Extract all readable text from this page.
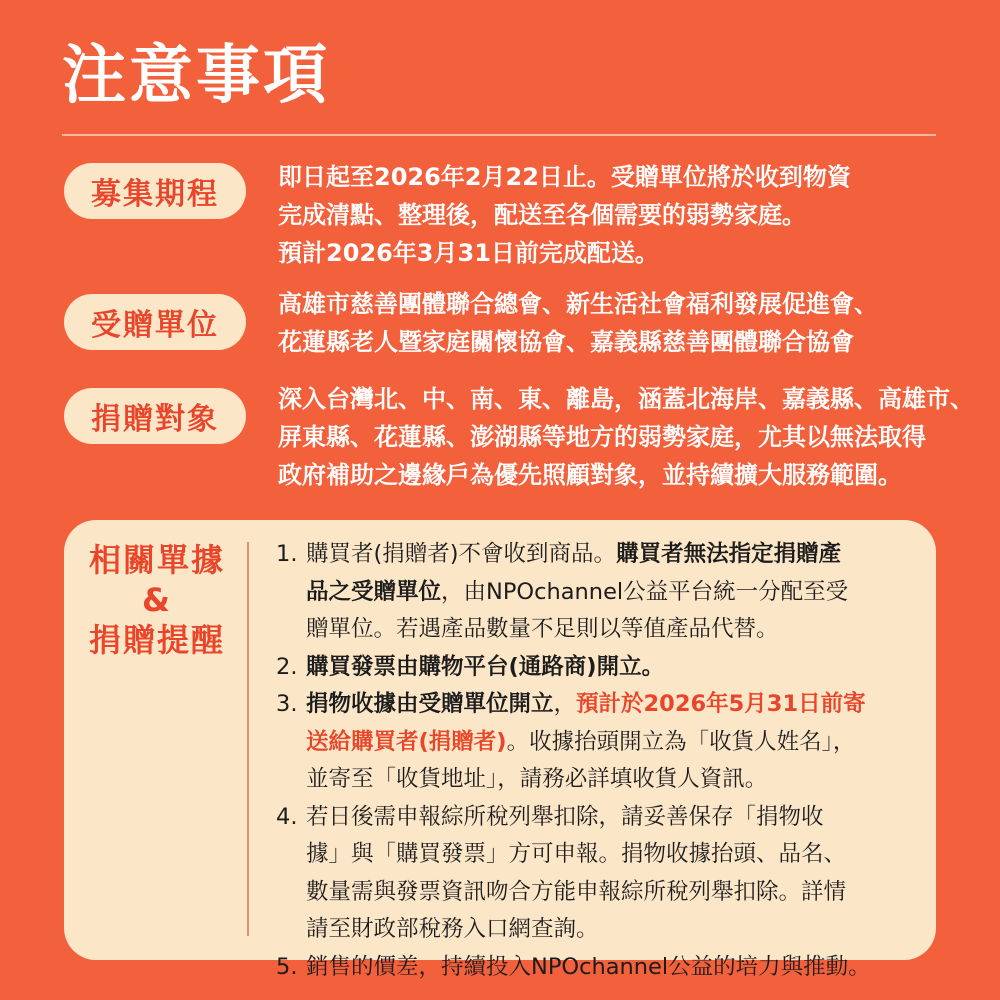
注意事項
募集期程	即日起至2026年2月22日止。受贈單位將於收到物資
完成清點、整理後，配送至各個需要的弱勢家庭。
預計2026年3月31日前完成配送。
受贈單位
高雄市慈善團體聯合總會、新生活社會福利發展促進會、
花蓮縣老人暨家庭關懷協會、嘉義縣慈善團體聯合協會
捐贈對象
深入台灣北、中、南、東、離島，涵蓋北海岸、嘉義縣、高雄市、
屏東縣、花蓮縣、澎湖縣等地方的弱勢家庭，尤其以無法取得
政府補助之邊緣戶為優先照顧對象，並持續擴大服務範圍。
相關單據
&
捐贈提醒
1. 購買者(捐贈者)不會收到商品。購買者無法指定捐贈產
品之受贈單位，由NPOchannel公益平台統一分配至受
贈單位。若遇產品數量不足則以等值產品代替。
2. 購買發票由購物平台(通路商)開立。
3. 捐物收據由受贈單位開立，預計於2026年5月31日前寄
送給購買者(捐贈者)。收據抬頭開立為「收貨人姓名」，
並寄至「收貨地址」，請務必詳填收貨人資訊。
4. 若日後需申報綜所稅列舉扣除，請妥善保存「捐物收
據」與「購買發票」方可申報。捐物收據抬頭、品名、
數量需與發票資訊吻合方能申報綜所稅列舉扣除。詳情
請至財政部稅務入口網查詢。
5. 銷售的價差，持續投入NPOchannel公益的培力與推動。
